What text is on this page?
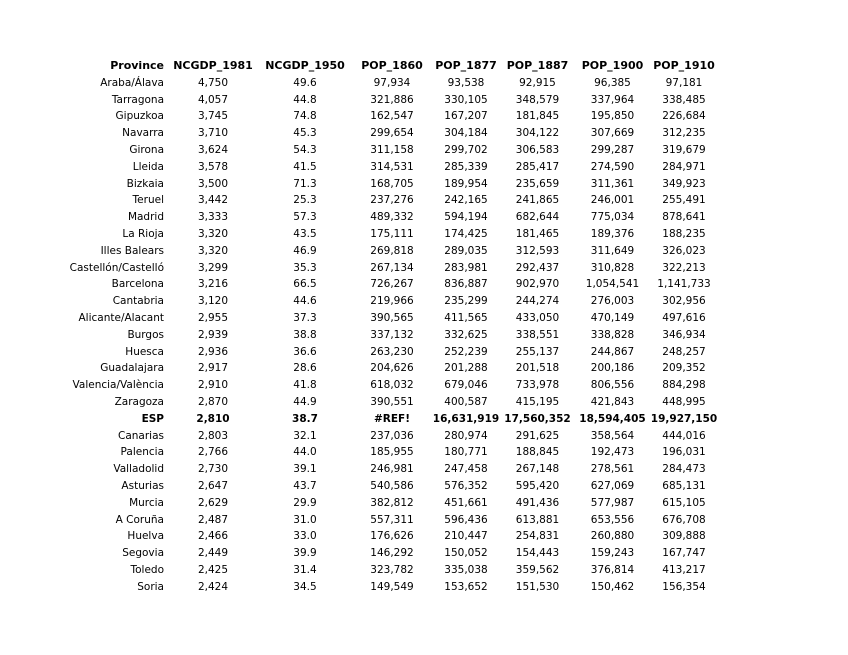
Province	NCGDP_1981	NCGDP_1950	POP_1860	POP_1877	POP_1887	POP_1900	POP_1910
Araba/Álava	4,750	49.6	97,934	93,538	92,915	96,385	97,181
Tarragona	4,057	44.8	321,886	330,105	348,579	337,964	338,485
Gipuzkoa	3,745	74.8	162,547	167,207	181,845	195,850	226,684
Navarra	3,710	45.3	299,654	304,184	304,122	307,669	312,235
Girona	3,624	54.3	311,158	299,702	306,583	299,287	319,679
Lleida	3,578	41.5	314,531	285,339	285,417	274,590	284,971
Bizkaia	3,500	71.3	168,705	189,954	235,659	311,361	349,923
Teruel	3,442	25.3	237,276	242,165	241,865	246,001	255,491
Madrid	3,333	57.3	489,332	594,194	682,644	775,034	878,641
La Rioja	3,320	43.5	175,111	174,425	181,465	189,376	188,235
Illes Balears	3,320	46.9	269,818	289,035	312,593	311,649	326,023
Castellón/Castelló	3,299	35.3	267,134	283,981	292,437	310,828	322,213
Barcelona	3,216	66.5	726,267	836,887	902,970	1,054,541	1,141,733
Cantabria	3,120	44.6	219,966	235,299	244,274	276,003	302,956
Alicante/Alacant	2,955	37.3	390,565	411,565	433,050	470,149	497,616
Burgos	2,939	38.8	337,132	332,625	338,551	338,828	346,934
Huesca	2,936	36.6	263,230	252,239	255,137	244,867	248,257
Guadalajara	2,917	28.6	204,626	201,288	201,518	200,186	209,352
Valencia/València	2,910	41.8	618,032	679,046	733,978	806,556	884,298
Zaragoza	2,870	44.9	390,551	400,587	415,195	421,843	448,995
ESP	2,810	38.7	#REF!	16,631,919	17,560,352	18,594,405	19,927,150
Canarias	2,803	32.1	237,036	280,974	291,625	358,564	444,016
Palencia	2,766	44.0	185,955	180,771	188,845	192,473	196,031
Valladolid	2,730	39.1	246,981	247,458	267,148	278,561	284,473
Asturias	2,647	43.7	540,586	576,352	595,420	627,069	685,131
Murcia	2,629	29.9	382,812	451,661	491,436	577,987	615,105
A Coruña	2,487	31.0	557,311	596,436	613,881	653,556	676,708
Huelva	2,466	33.0	176,626	210,447	254,831	260,880	309,888
Segovia	2,449	39.9	146,292	150,052	154,443	159,243	167,747
Toledo	2,425	31.4	323,782	335,038	359,562	376,814	413,217
Soria	2,424	34.5	149,549	153,652	151,530	150,462	156,354
